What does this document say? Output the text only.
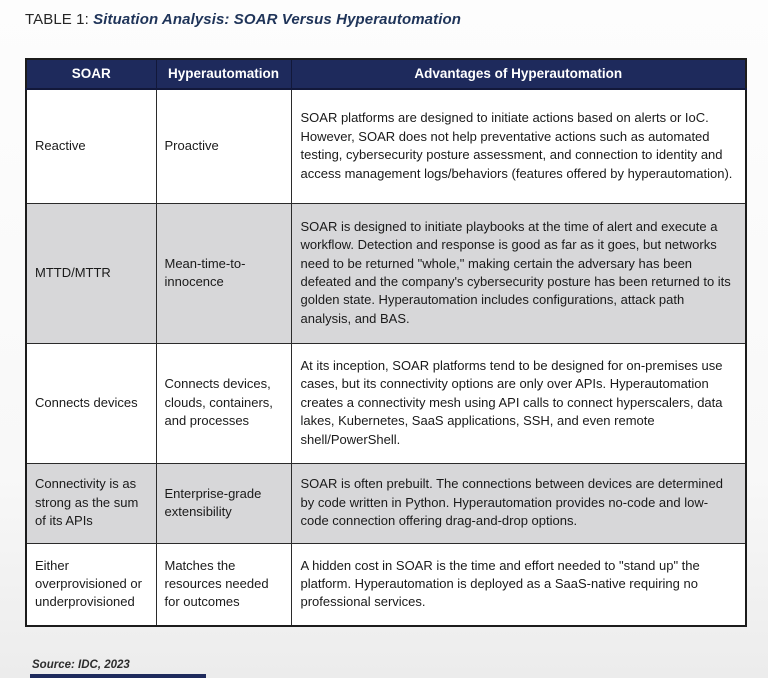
TABLE 1: Situation Analysis: SOAR Versus Hyperautomation
SOAR	Hyperautomation	Advantages of Hyperautomation
Reactive	Proactive	SOAR platforms are designed to initiate actions based on alerts or IoC. However, SOAR does not help preventative actions such as automated testing, cybersecurity posture assessment, and connection to identity and access management logs/behaviors (features offered by hyperautomation).
MTTD/MTTR	Mean-time-to-innocence	SOAR is designed to initiate playbooks at the time of alert and execute a workflow. Detection and response is good as far as it goes, but networks need to be returned "whole," making certain the adversary has been defeated and the company's cybersecurity posture has been returned to its golden state. Hyperautomation includes configurations, attack path analysis, and BAS.
Connects devices	Connects devices, clouds, containers, and processes	At its inception, SOAR platforms tend to be designed for on-premises use cases, but its connectivity options are only over APIs. Hyperautomation creates a connectivity mesh using API calls to connect hyperscalers, data lakes, Kubernetes, SaaS applications, SSH, and even remote shell/PowerShell.
Connectivity is as strong as the sum of its APIs	Enterprise-grade extensibility	SOAR is often prebuilt. The connections between devices are determined by code written in Python. Hyperautomation provides no-code and low-code connection offering drag-and-drop options.
Either overprovisioned or underprovisioned	Matches the resources needed for outcomes	A hidden cost in SOAR is the time and effort needed to "stand up" the platform. Hyperautomation is deployed as a SaaS-native requiring no professional services.
Source: IDC, 2023
